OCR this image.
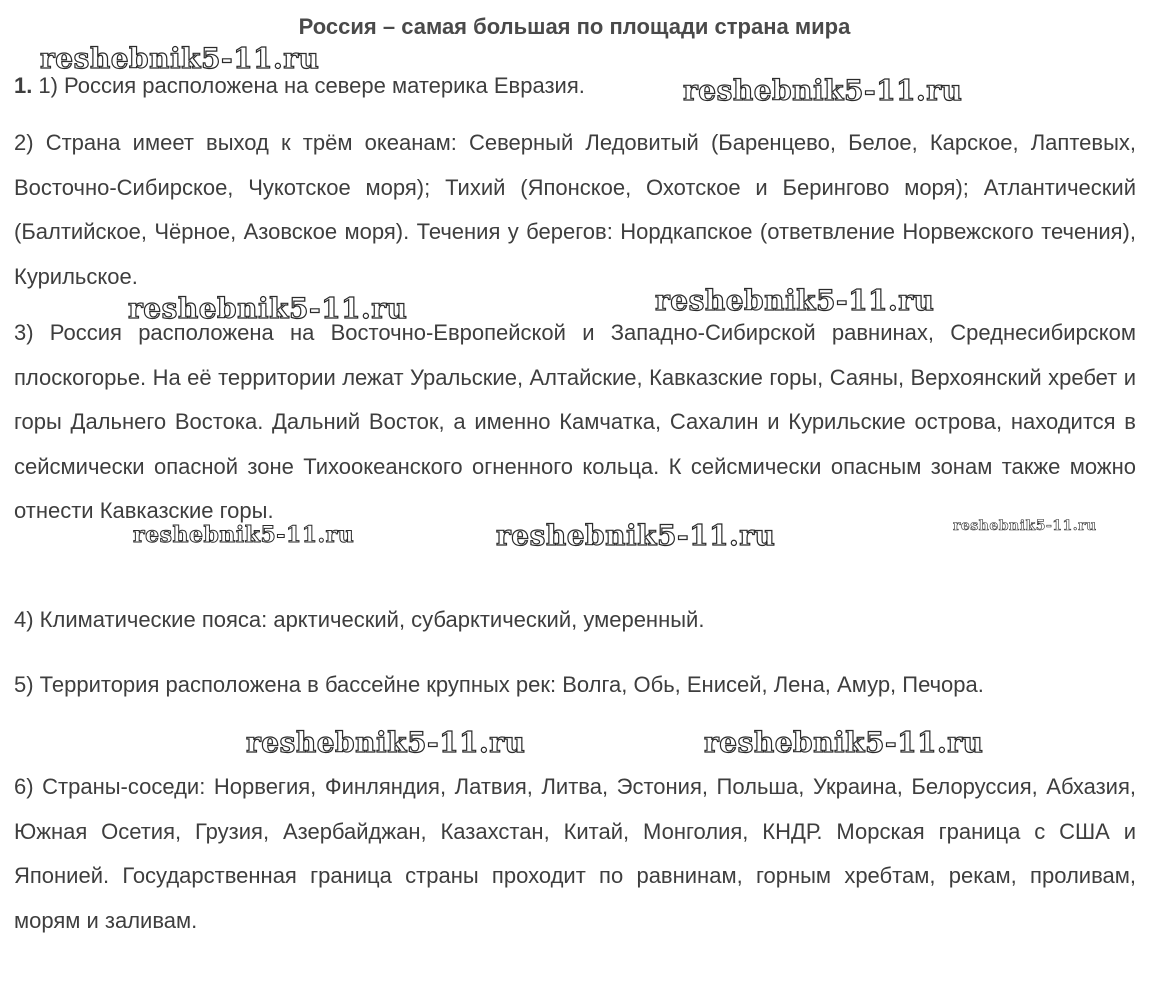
Россия – самая большая по площади страна мира
1. 1) Россия расположена на севере материка Евразия.
2) Страна имеет выход к трём океанам: Северный Ледовитый (Баренцево, Белое, Карское, Лаптевых, Восточно-Сибирское, Чукотское моря); Тихий (Японское, Охотское и Берингово моря); Атлантический (Балтийское, Чёрное, Азовское моря). Течения у берегов: Нордкапское (ответвление Норвежского течения), Курильское.
3) Россия расположена на Восточно-Европейской и Западно-Сибирской равнинах, Среднесибирском плоскогорье. На её территории лежат Уральские, Алтайские, Кавказские горы, Саяны, Верхоянский хребет и горы Дальнего Востока. Дальний Восток, а именно Камчатка, Сахалин и Курильские острова, находится в сейсмически опасной зоне Тихоокеанского огненного кольца. К сейсмически опасным зонам также можно отнести Кавказские горы.
4) Климатические пояса: арктический, субарктический, умеренный.
5) Территория расположена в бассейне крупных рек: Волга, Обь, Енисей, Лена, Амур, Печора.
6) Страны-соседи: Норвегия, Финляндия, Латвия, Литва, Эстония, Польша, Украина, Белоруссия, Абхазия, Южная Осетия, Грузия, Азербайджан, Казахстан, Китай, Монголия, КНДР. Морская граница с США и Японией. Государственная граница страны проходит по равнинам, горным хребтам, рекам, проливам, морям и заливам.
reshebnik5-11.ru
reshebnik5-11.ru
reshebnik5-11.ru	reshebnik5-11.ru
reshebnik5-11.ru	reshebnik5-11.ru	reshebnik5-11.ru
reshebnik5-11.ru	reshebnik5-11.ru
